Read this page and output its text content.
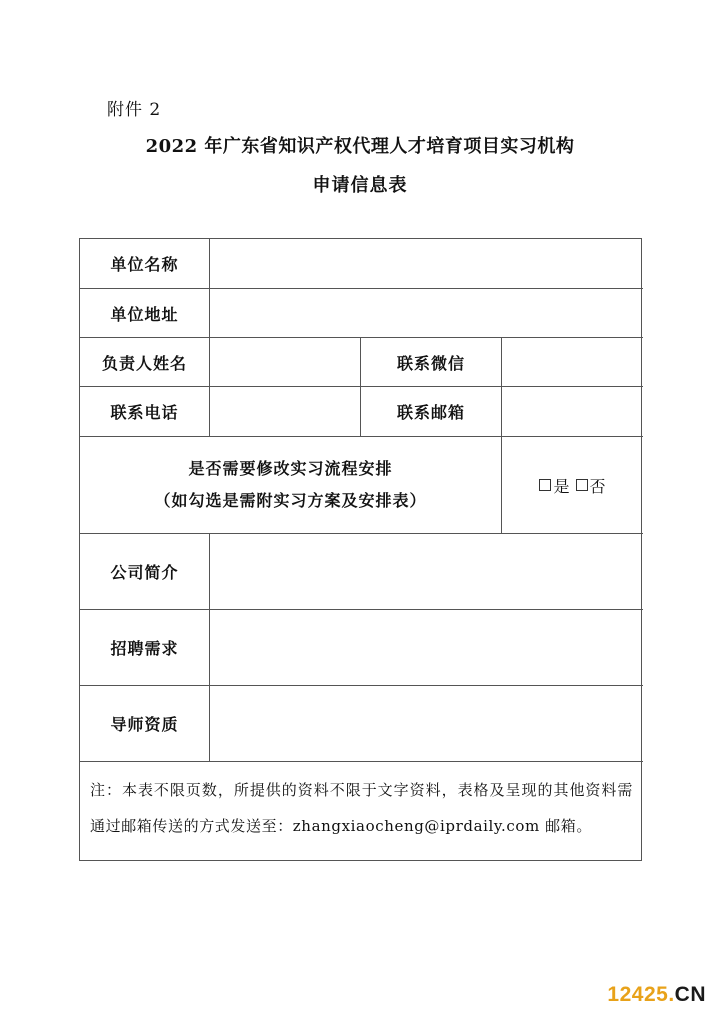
附件 2
2022 年广东省知识产权代理人才培育项目实习机构
申请信息表
单位名称
单位地址
负责人姓名	联系微信
联系电话	联系邮箱
是否需要修改实习流程安排
（如勾选是需附实习方案及安排表）
是 否
公司简介
招聘需求
导师资质
注：本表不限页数，所提供的资料不限于文字资料，表格及呈现的其他资料需通过邮箱传送的方式发送至：zhangxiaocheng@iprdaily.com 邮箱。
12425.CN
